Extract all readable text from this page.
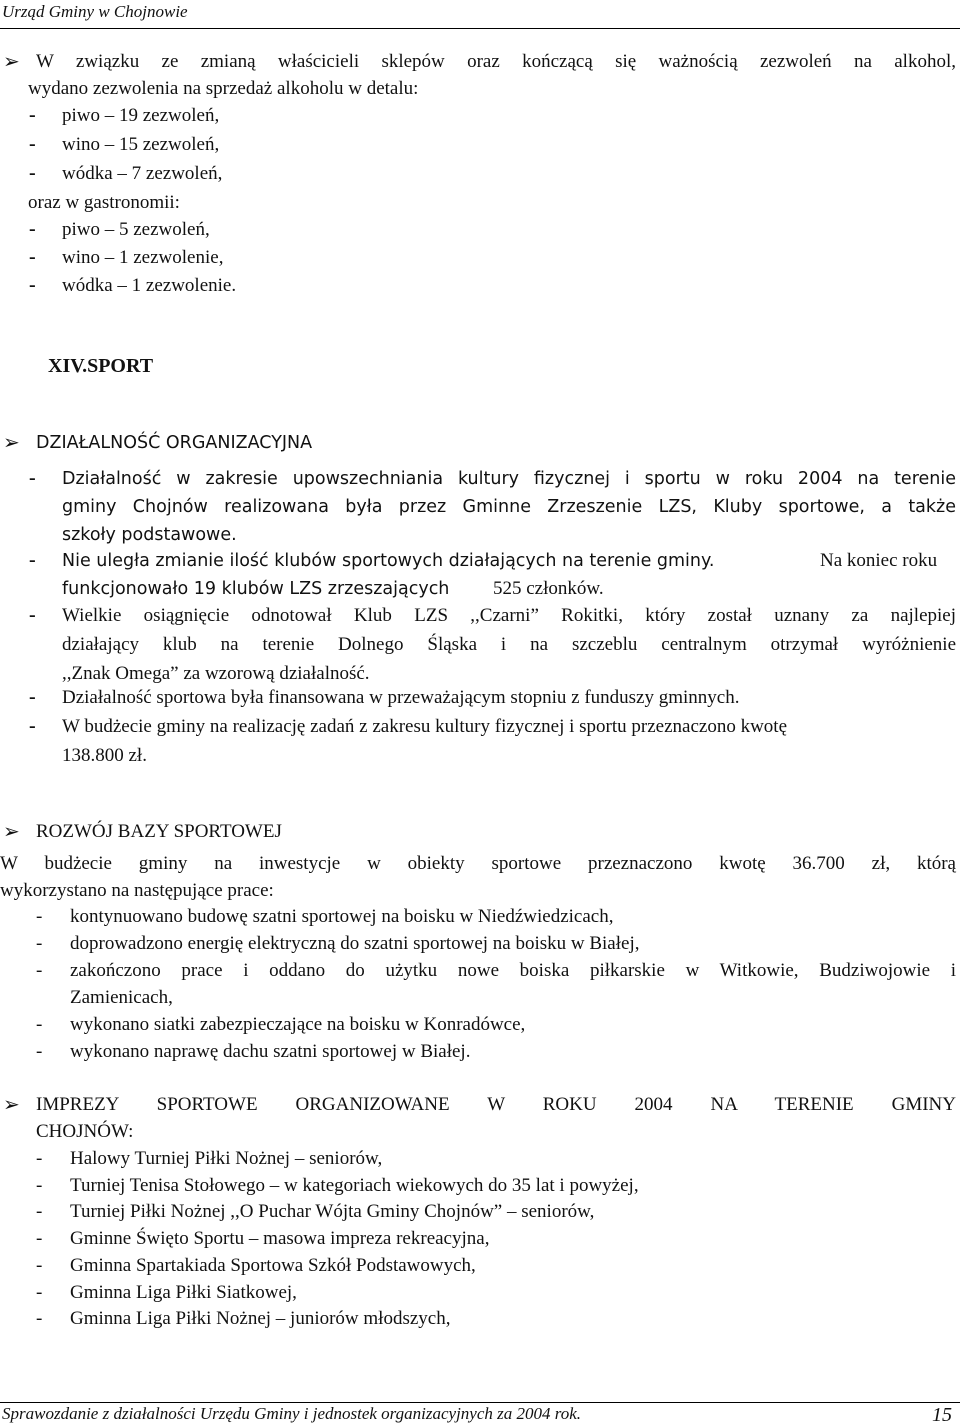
Urząd Gminy w Chojnowie
➢ W związku ze zmianą właścicieli sklepów oraz kończącą się ważnością zezwoleń na alkohol,
wydano zezwolenia na sprzedaż alkoholu w detalu:
- piwo – 19 zezwoleń,
- wino – 15 zezwoleń,
- wódka – 7 zezwoleń,
oraz w gastronomii:
- piwo – 5 zezwoleń,
- wino – 1 zezwolenie,
- wódka – 1 zezwolenie.
XIV.SPORT
➢ DZIAŁALNOŚĆ ORGANIZACYJNA
- Działalność w zakresie upowszechniania kultury fizycznej i sportu w roku 2004 na terenie
gminy Chojnów realizowana była przez Gminne Zrzeszenie LZS, Kluby sportowe, a także
szkoły podstawowe.
- Nie uległa zmianie ilość klubów sportowych działających na terenie gminy.	Na koniec roku
funkcjonowało 19 klubów LZS zrzeszających 525 członków.
- Wielkie osiągnięcie odnotował Klub LZS ,,Czarni” Rokitki, który został uznany za najlepiej
działający klub na terenie Dolnego Śląska i na szczeblu centralnym otrzymał wyróżnienie
,,Znak Omega” za wzorową działalność.
- Działalność sportowa była finansowana w przeważającym stopniu z funduszy gminnych.
- W budżecie gminy na realizację zadań z zakresu kultury fizycznej i sportu przeznaczono kwotę
138.800 zł.
➢ ROZWÓJ BAZY SPORTOWEJ
W budżecie gminy na inwestycje w obiekty sportowe przeznaczono kwotę 36.700 zł, którą
wykorzystano na następujące prace:
- kontynuowano budowę szatni sportowej na boisku w Niedźwiedzicach,
- doprowadzono energię elektryczną do szatni sportowej na boisku w Białej,
- zakończono prace i oddano do użytku nowe boiska piłkarskie w Witkowie, Budziwojowie i
Zamienicach,
- wykonano siatki zabezpieczające na boisku w Konradówce,
- wykonano naprawę dachu szatni sportowej w Białej.
➢ IMPREZY SPORTOWE ORGANIZOWANE W ROKU 2004 NA TERENIE GMINY
CHOJNÓW:
- Halowy Turniej Piłki Nożnej – seniorów,
- Turniej Tenisa Stołowego – w kategoriach wiekowych do 35 lat i powyżej,
- Turniej Piłki Nożnej ,,O Puchar Wójta Gminy Chojnów” – seniorów,
- Gminne Święto Sportu – masowa impreza rekreacyjna,
- Gminna Spartakiada Sportowa Szkół Podstawowych,
- Gminna Liga Piłki Siatkowej,
- Gminna Liga Piłki Nożnej – juniorów młodszych,
Sprawozdanie z działalności Urzędu Gminy i jednostek organizacyjnych za 2004 rok.	15
